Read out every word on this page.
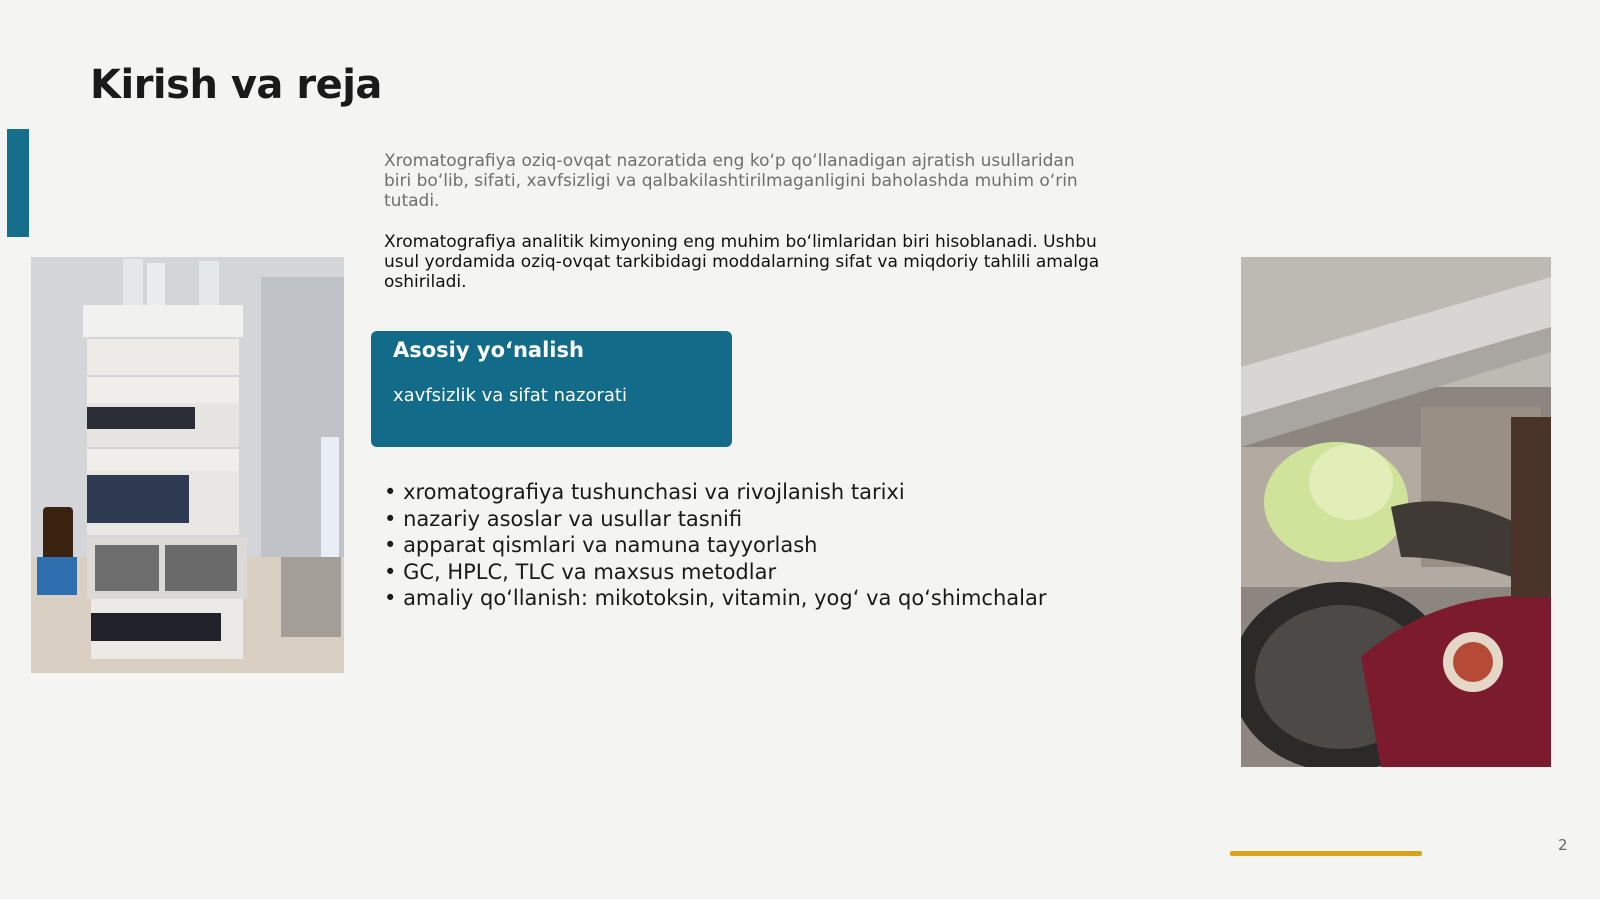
Kirish va reja

Xromatografiya oziq-ovqat nazoratida eng ko‘p qo‘llanadigan ajratish usullaridan biri bo‘lib, sifati, xavfsizligi va qalbakilashtirilmaganligini baholashda muhim o‘rin tutadi.

Xromatografiya analitik kimyoning eng muhim bo‘limlaridan biri hisoblanadi. Ushbu usul yordamida oziq-ovqat tarkibidagi moddalarning sifat va miqdoriy tahlili amalga oshiriladi.

Asosiy yo‘nalish

xavfsizlik va sifat nazorati

• xromatografiya tushunchasi va rivojlanish tarixi
• nazariy asoslar va usullar tasnifi
• apparat qismlari va namuna tayyorlash
• GC, HPLC, TLC va maxsus metodlar
• amaliy qo‘llanish: mikotoksin, vitamin, yog‘ va qo‘shimchalar
2
